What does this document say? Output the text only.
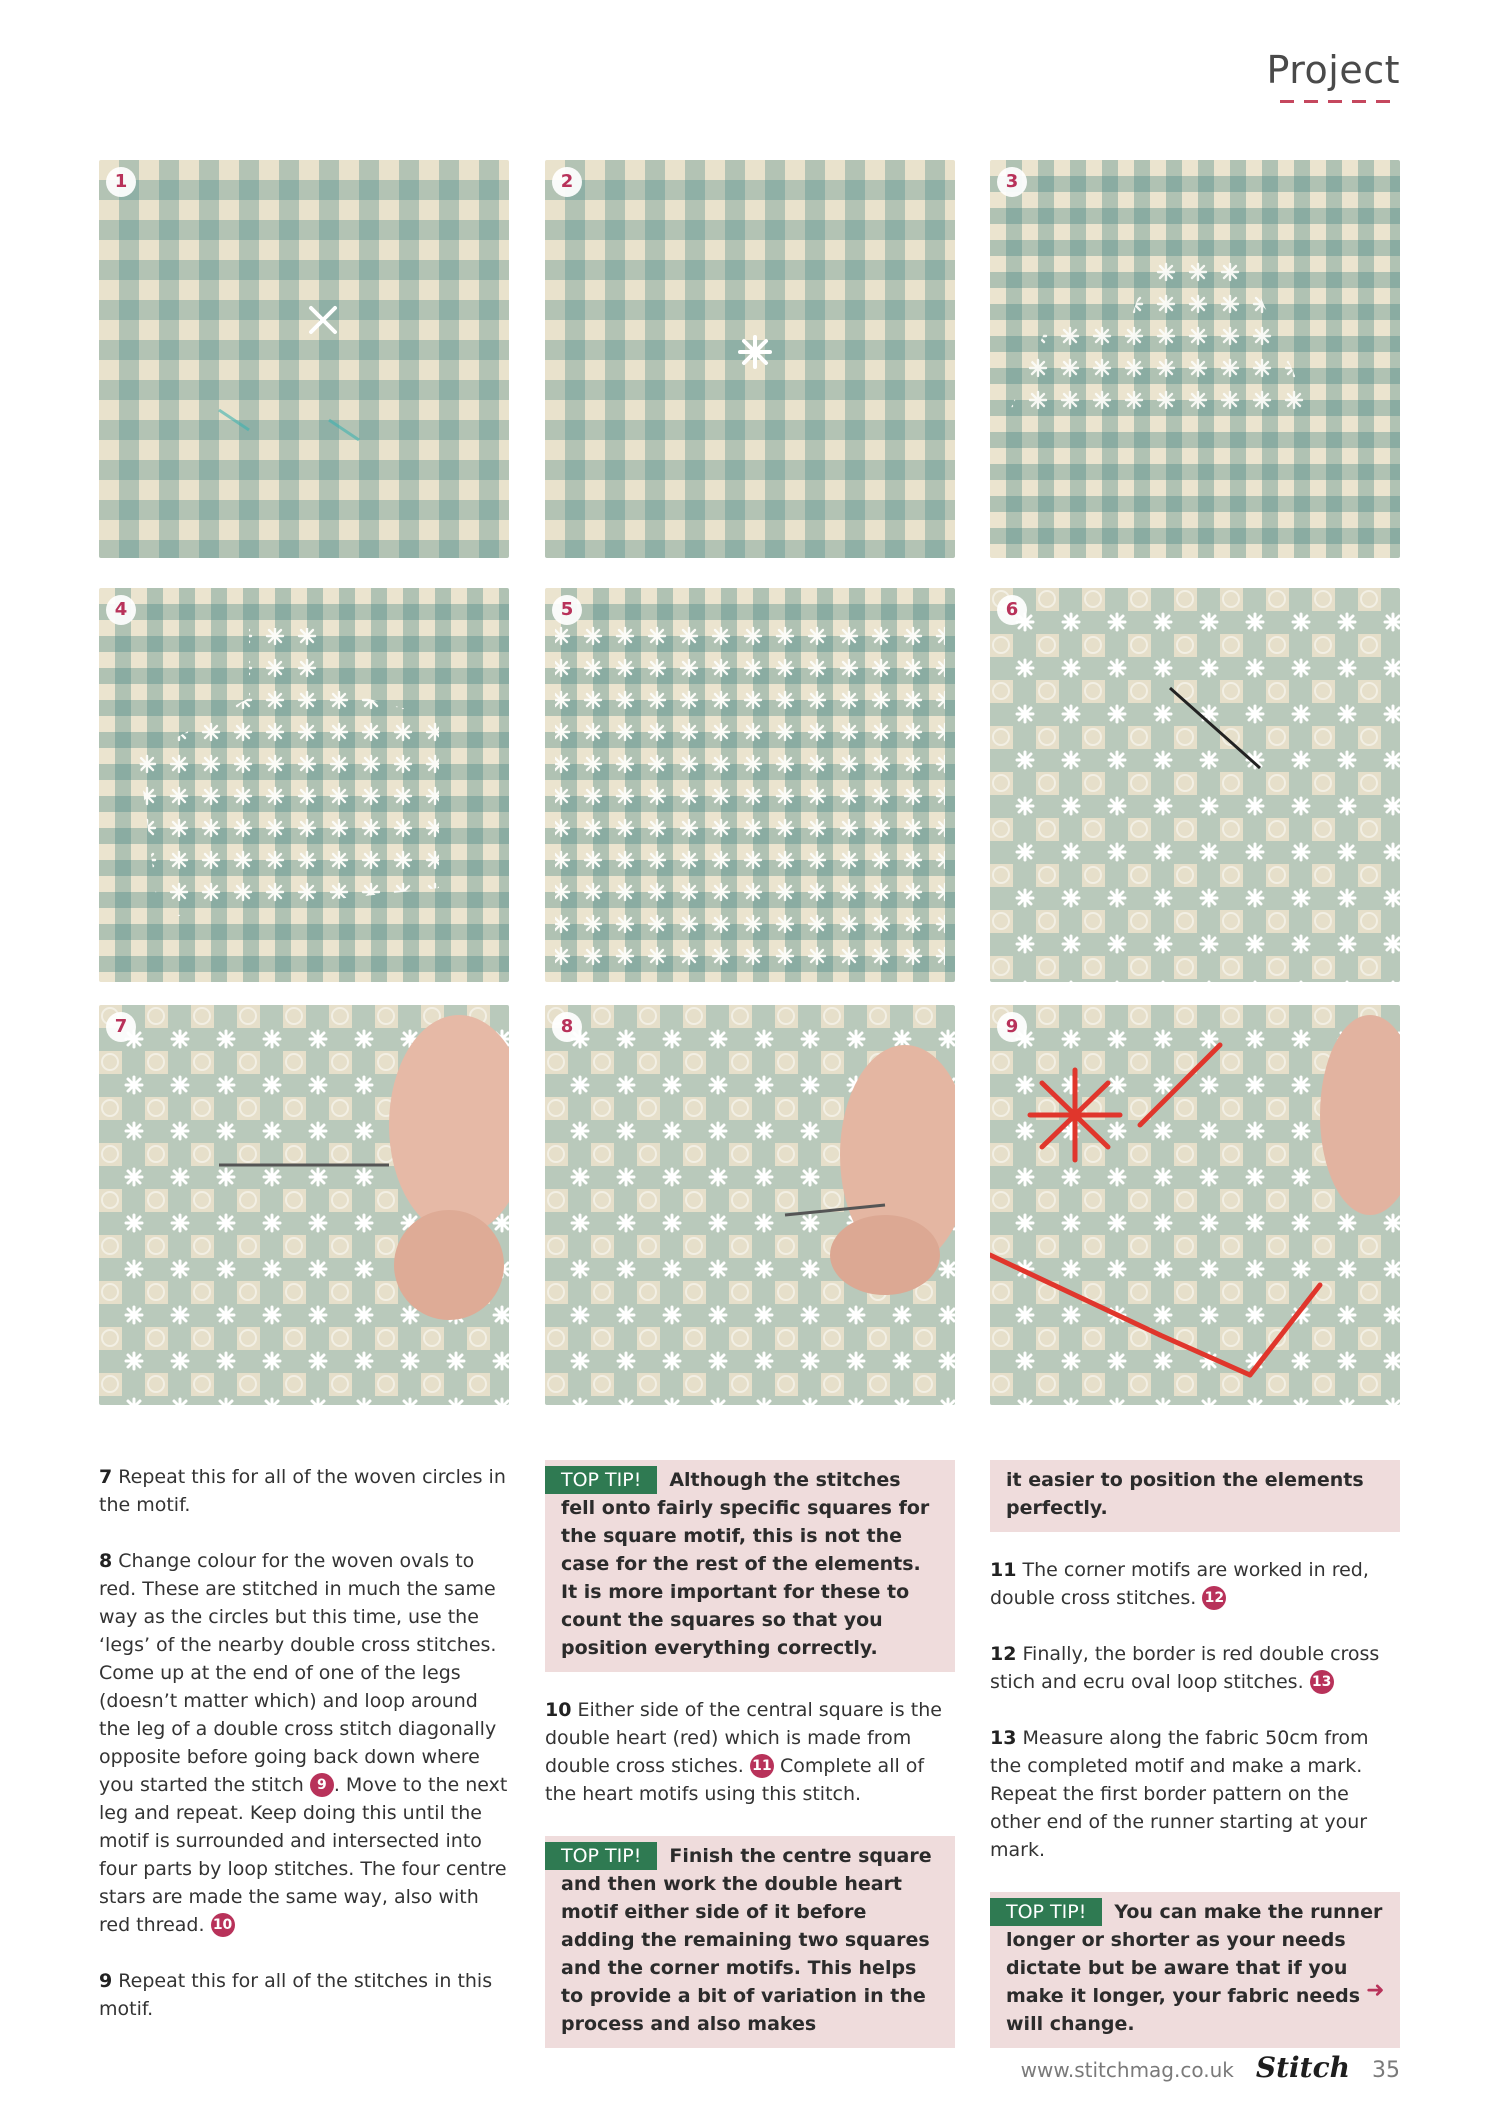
Project
1	2	3
4	5	6
7	8	9

7 Repeat this for all of the woven circles in the motif.

8 Change colour for the woven ovals to red. These are stitched in much the same way as the circles but this time, use the ‘legs’ of the nearby double cross stitches. Come up at the end of one of the legs (doesn’t matter which) and loop around the leg of a double cross stitch diagonally opposite before going back down where you started the stitch 9 . Move to the next leg and repeat. Keep doing this until the motif is surrounded and intersected into four parts by loop stitches. The four centre stars are made the same way, also with red thread. 10

9 Repeat this for all of the stitches in this motif.

TOP TIP! Although the stitches fell onto fairly specific squares for the square motif, this is not the case for the rest of the elements. It is more important for these to count the squares so that you position everything correctly.

10 Either side of the central square is the double heart (red) which is made from double cross stiches. 11 Complete all of the heart motifs using this stitch.

TOP TIP! Finish the centre square and then work the double heart motif either side of it before adding the remaining two squares and the corner motifs. This helps to provide a bit of variation in the process and also makes
it easier to position the elements perfectly.

11 The corner motifs are worked in red, double cross stitches. 12

12 Finally, the border is red double cross stich and ecru oval loop stitches. 13

13 Measure along the fabric 50cm from the completed motif and make a mark. Repeat the first border pattern on the other end of the runner starting at your mark.

TOP TIP! You can make the runner longer or shorter as your needs dictate but be aware that if you make it longer, your fabric needs will change.
➜
www.stitchmag.co.uk Stitch 35
